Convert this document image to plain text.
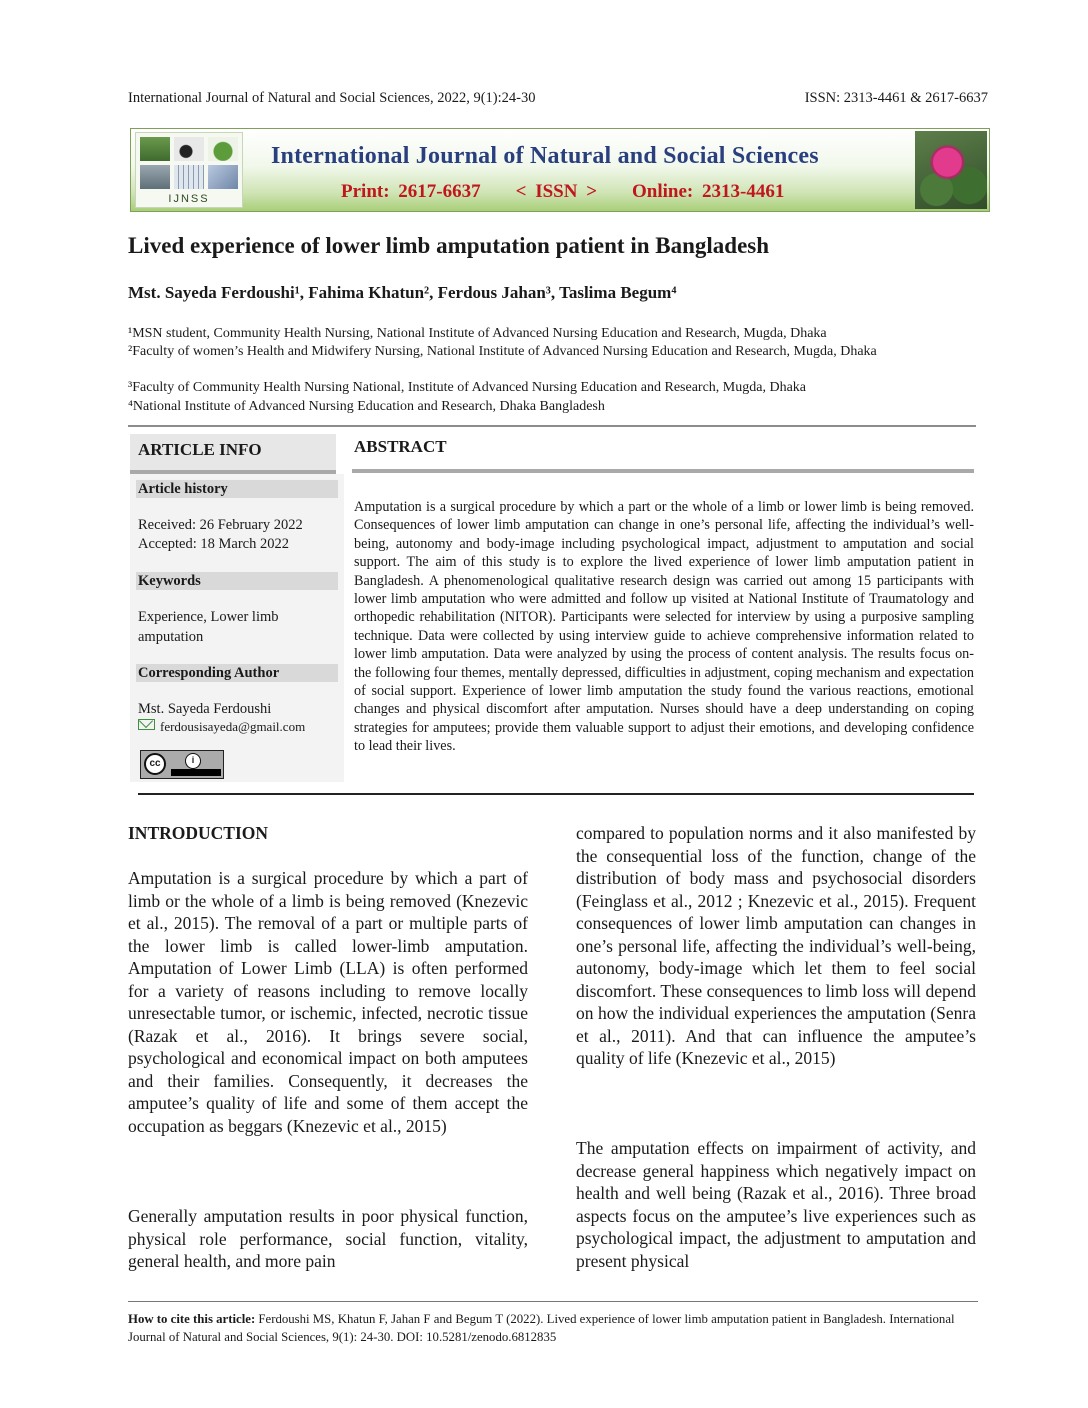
International Journal of Natural and Social Sciences, 2022, 9(1):24-30	ISSN: 2313-4461 & 2617-6637
IJNSS
International Journal of Natural and Social Sciences
Print: 2617-6637    < ISSN >    Online: 2313-4461
Lived experience of lower limb amputation patient in Bangladesh
Mst. Sayeda Ferdoushi¹, Fahima Khatun², Ferdous Jahan³, Taslima Begum⁴
¹MSN student, Community Health Nursing, National Institute of Advanced Nursing Education and Research, Mugda, Dhaka
²Faculty of women’s Health and Midwifery Nursing, National Institute of Advanced Nursing Education and Research, Mugda, Dhaka
³Faculty of Community Health Nursing National, Institute of Advanced Nursing Education and Research, Mugda, Dhaka
⁴National Institute of Advanced Nursing Education and Research, Dhaka Bangladesh
ARTICLE INFO
Article history
Received: 26 February 2022
Accepted: 18 March 2022
Keywords
Experience, Lower limb amputation
Corresponding Author
Mst. Sayeda Ferdoushi
ferdousisayeda@gmail.com
cc	i
ABSTRACT
Amputation is a surgical procedure by which a part or the whole of a limb or lower limb is being removed. Consequences of lower limb amputation can change in one’s personal life, affecting the individual’s well-being, autonomy and body-image including psychological impact, adjustment to amputation and social support. The aim of this study is to explore the lived experience of lower limb amputation patient in Bangladesh. A phenomenological qualitative research design was carried out among 15 participants with lower limb amputation who were admitted and follow up visited at National Institute of Traumatology and orthopedic rehabilitation (NITOR). Participants were selected for interview by using a purposive sampling technique. Data were collected by using interview guide to achieve comprehensive information related to lower limb amputation. Data were analyzed by using the process of content analysis. The results focus on- the following four themes, mentally depressed, difficulties in adjustment, coping mechanism and expectation of social support. Experience of lower limb amputation the study found the various reactions, emotional changes and physical discomfort after amputation. Nurses should have a deep understanding on coping strategies for amputees; provide them valuable support to adjust their emotions, and developing confidence to lead their lives.
INTRODUCTION
Amputation is a surgical procedure by which a part of limb or the whole of a limb is being removed (Knezevic et al., 2015). The removal of a part or multiple parts of the lower limb is called lower-limb amputation. Amputation of Lower Limb (LLA) is often performed for a variety of reasons including to remove locally unresectable tumor, or ischemic, infected, necrotic tissue (Razak et al., 2016). It brings severe social, psychological and economical impact on both amputees and their families. Consequently, it decreases the amputee’s quality of life and some of them accept the occupation as beggars (Knezevic et al., 2015)
Generally amputation results in poor physical function, physical role performance, social function, vitality, general health, and more pain
compared to population norms and it also manifested by the consequential loss of the function, change of the distribution of body mass and psychosocial disorders (Feinglass et al., 2012 ; Knezevic et al., 2015). Frequent consequences of lower limb amputation can changes in one’s personal life, affecting the individual’s well-being, autonomy, body-image which let them to feel social discomfort. These consequences to limb loss will depend on how the individual experiences the amputation (Senra et al., 2011). And that can influence the amputee’s quality of life (Knezevic et al., 2015)
The amputation effects on impairment of activity, and decrease general happiness which negatively impact on health and well being (Razak et al., 2016). Three broad aspects focus on the amputee’s live experiences such as psychological impact, the adjustment to amputation and present physical
How to cite this article: Ferdoushi MS, Khatun F, Jahan F and Begum T (2022). Lived experience of lower limb amputation patient in Bangladesh. International Journal of Natural and Social Sciences, 9(1): 24-30. DOI: 10.5281/zenodo.6812835
